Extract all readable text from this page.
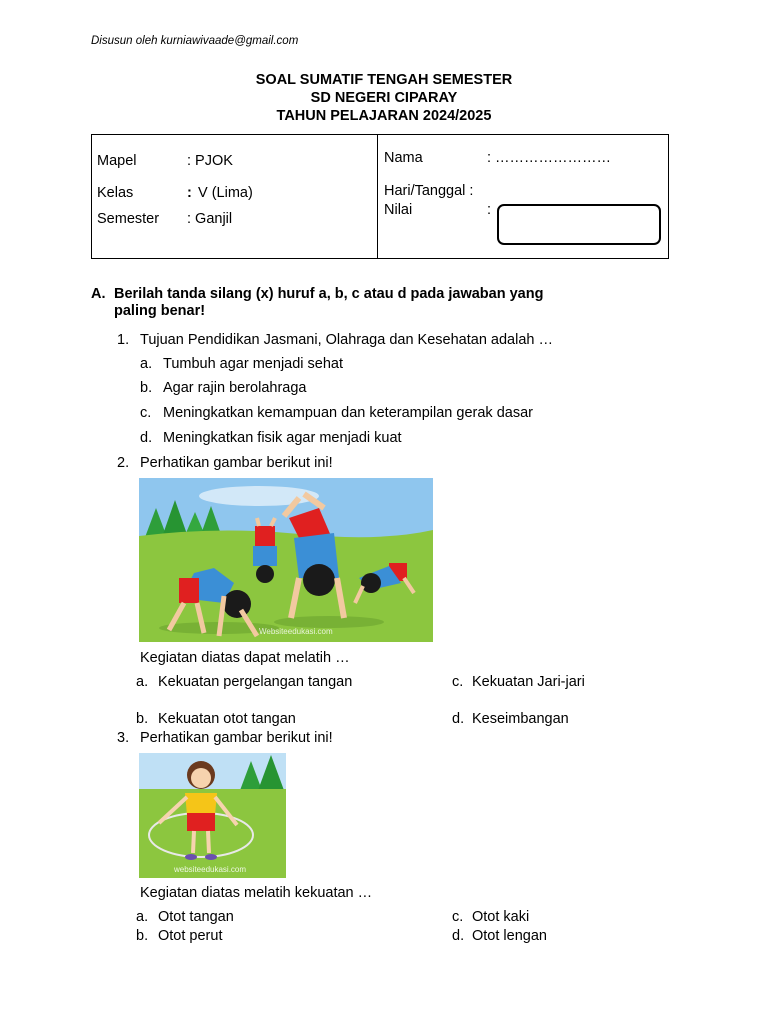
Disusun oleh kurniawivaade@gmail.com
SOAL SUMATIF TENGAH SEMESTER
SD NEGERI CIPARAY
TAHUN PELAJARAN 2024/2025
Mapel	: PJOK
Kelas	: V (Lima)
Semester : Ganjil
Nama	: ……………………
Hari/Tanggal :
Nilai	:
A. Berilah tanda silang (x) huruf a, b, c atau d pada jawaban yang
paling benar!
1. Tujuan Pendidikan Jasmani, Olahraga dan Kesehatan adalah …
a. Tumbuh agar menjadi sehat
b. Agar rajin berolahraga
c. Meningkatkan kemampuan dan keterampilan gerak dasar
d. Meningkatkan fisik agar menjadi kuat
2. Perhatikan gambar berikut ini!
Websiteedukasi.com
Kegiatan diatas dapat melatih …
a. Kekuatan pergelangan tangan	c. Kekuatan Jari-jari
b. Kekuatan otot tangan	d. Keseimbangan
3. Perhatikan gambar berikut ini!
websiteedukasi.com
Kegiatan diatas melatih kekuatan …
a. Otot tangan	c. Otot kaki
b. Otot perut	d. Otot lengan
